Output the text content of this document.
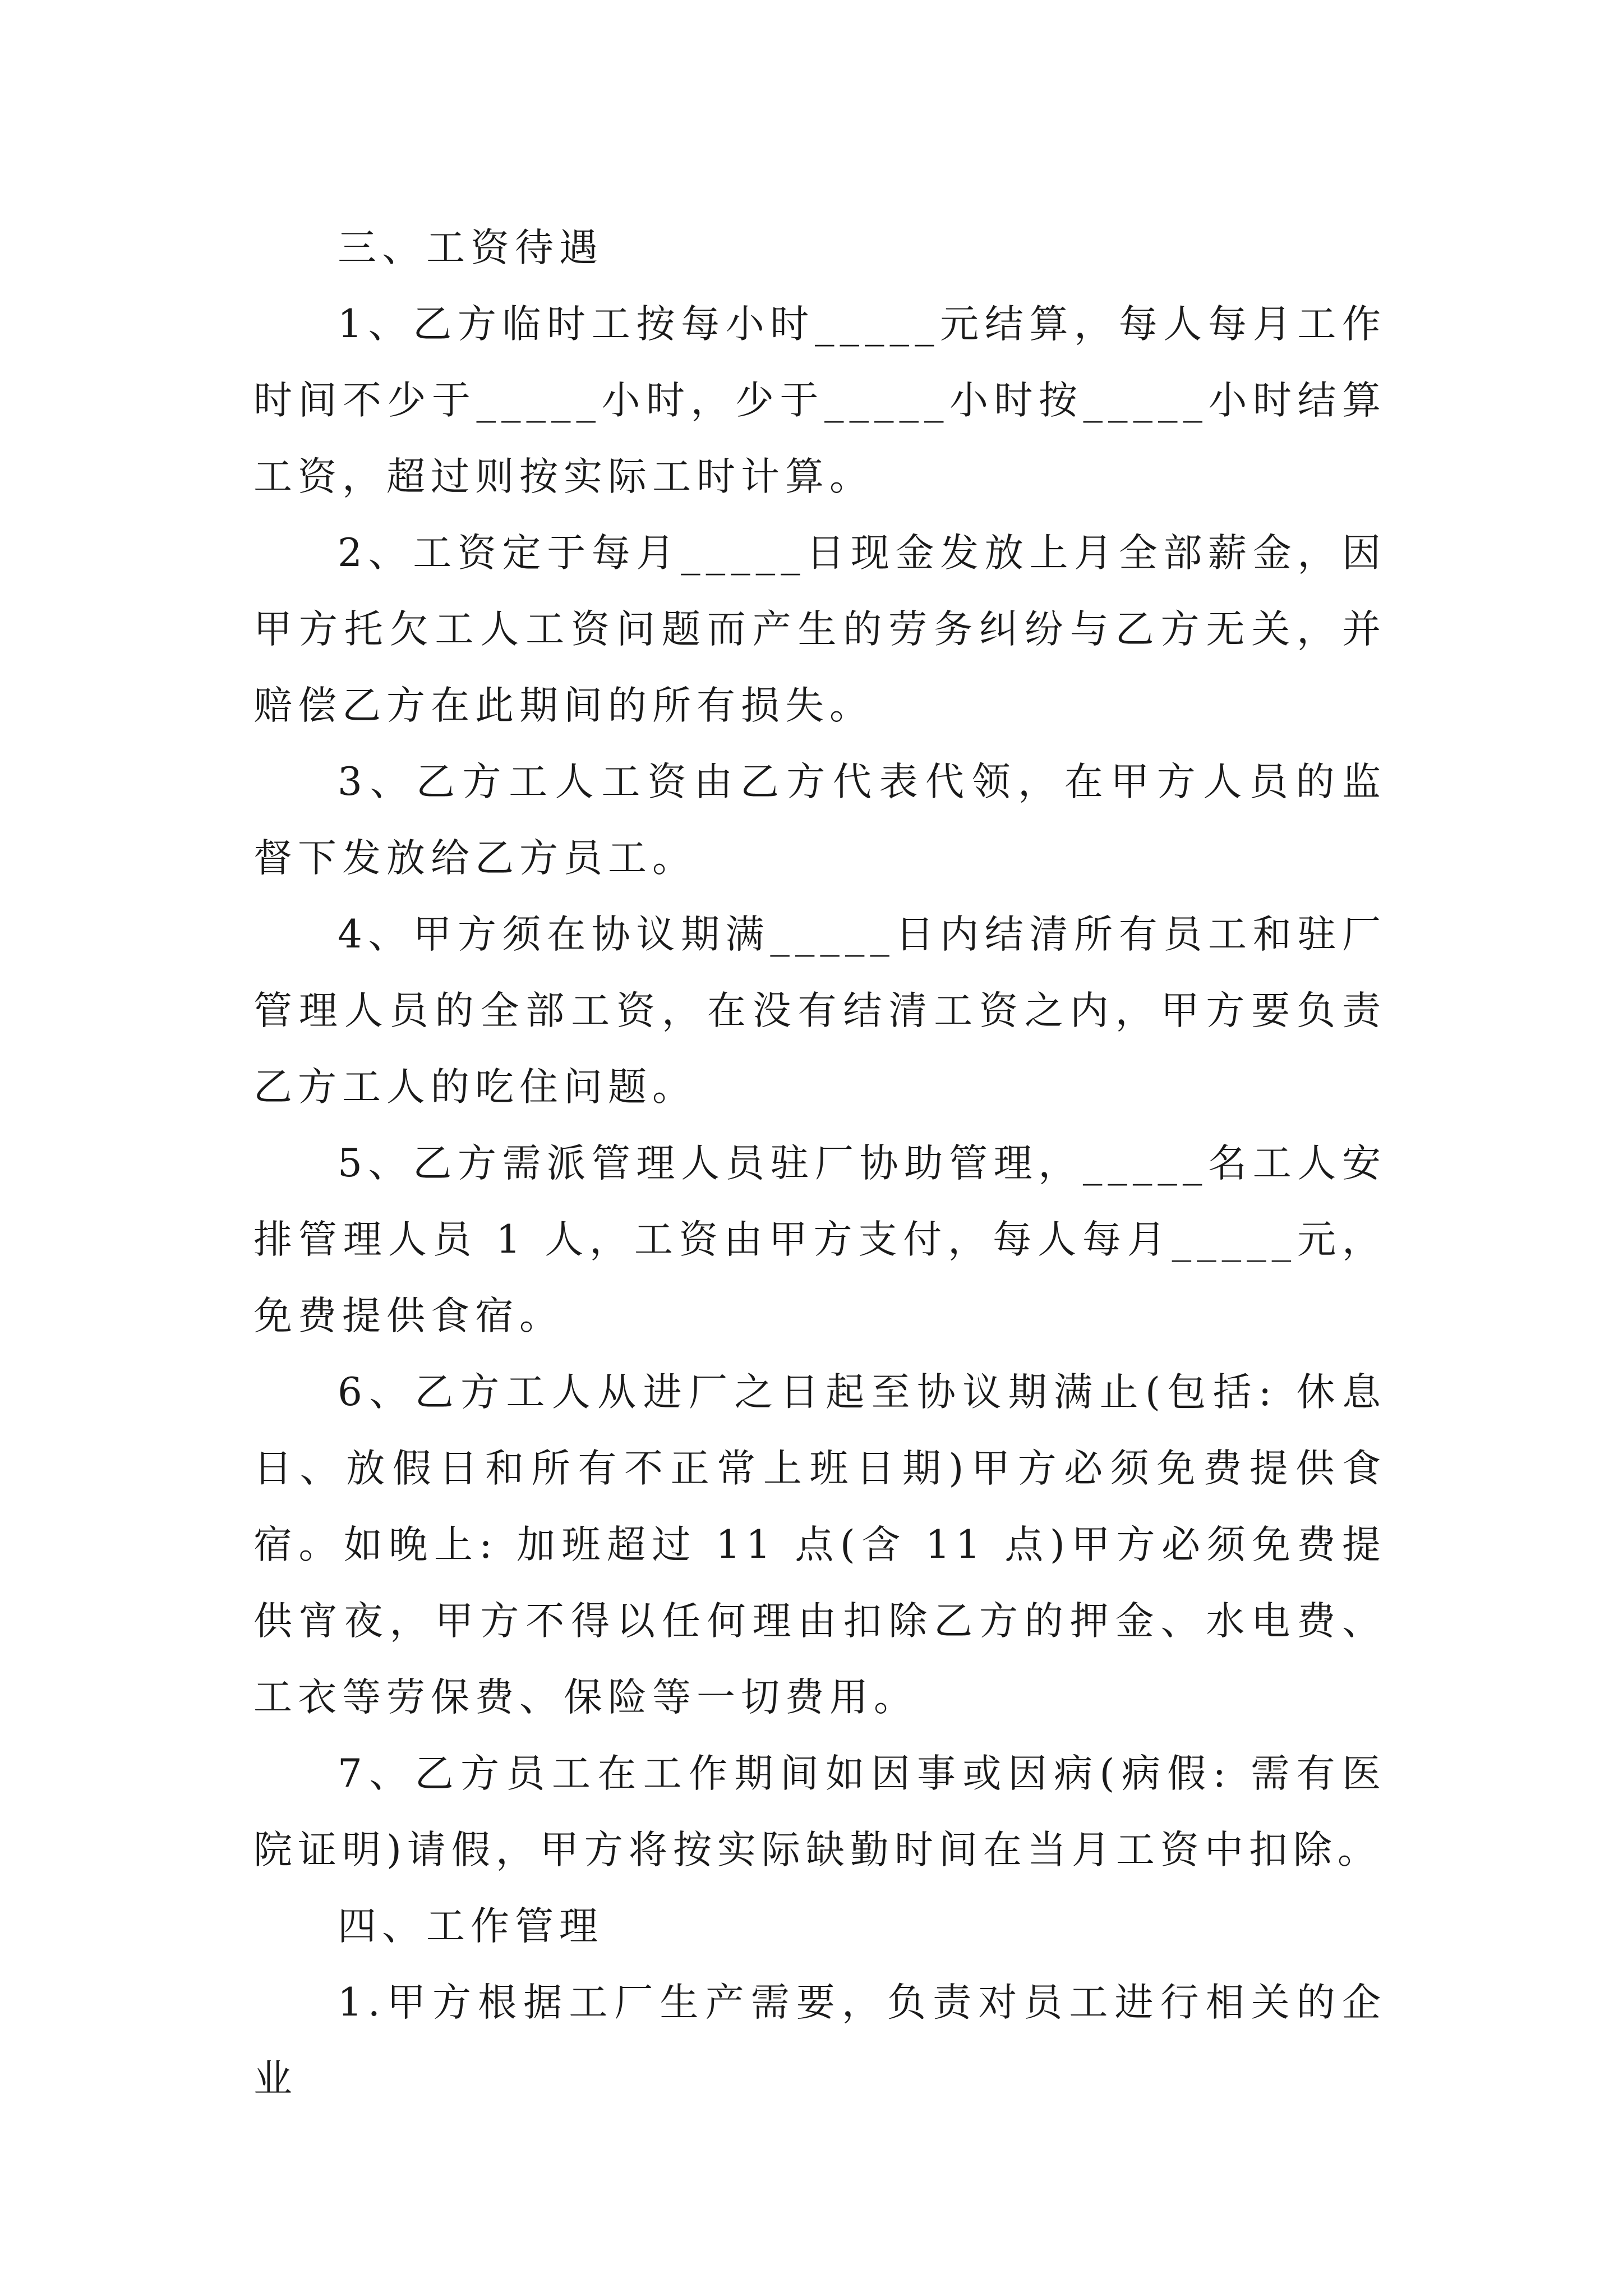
三、工资待遇

1、乙方临时工按每小时_____元结算，每人每月工作时间不少于_____小时，少于_____小时按_____小时结算工资，超过则按实际工时计算。

2、工资定于每月_____日现金发放上月全部薪金，因甲方托欠工人工资问题而产生的劳务纠纷与乙方无关，并赔偿乙方在此期间的所有损失。

3、乙方工人工资由乙方代表代领，在甲方人员的监督下发放给乙方员工。

4、甲方须在协议期满_____日内结清所有员工和驻厂管理人员的全部工资，在没有结清工资之内，甲方要负责乙方工人的吃住问题。

5、乙方需派管理人员驻厂协助管理，_____名工人安排管理人员 1 人，工资由甲方支付，每人每月_____元，免费提供食宿。

6、乙方工人从进厂之日起至协议期满止(包括: 休息日、放假日和所有不正常上班日期)甲方必须免费提供食宿。如晚上: 加班超过 11 点(含 11 点)甲方必须免费提供宵夜，甲方不得以任何理由扣除乙方的押金、水电费、工衣等劳保费、保险等一切费用。

7、乙方员工在工作期间如因事或因病(病假: 需有医院证明)请假，甲方将按实际缺勤时间在当月工资中扣除。

四、工作管理

1.甲方根据工厂生产需要，负责对员工进行相关的企业
